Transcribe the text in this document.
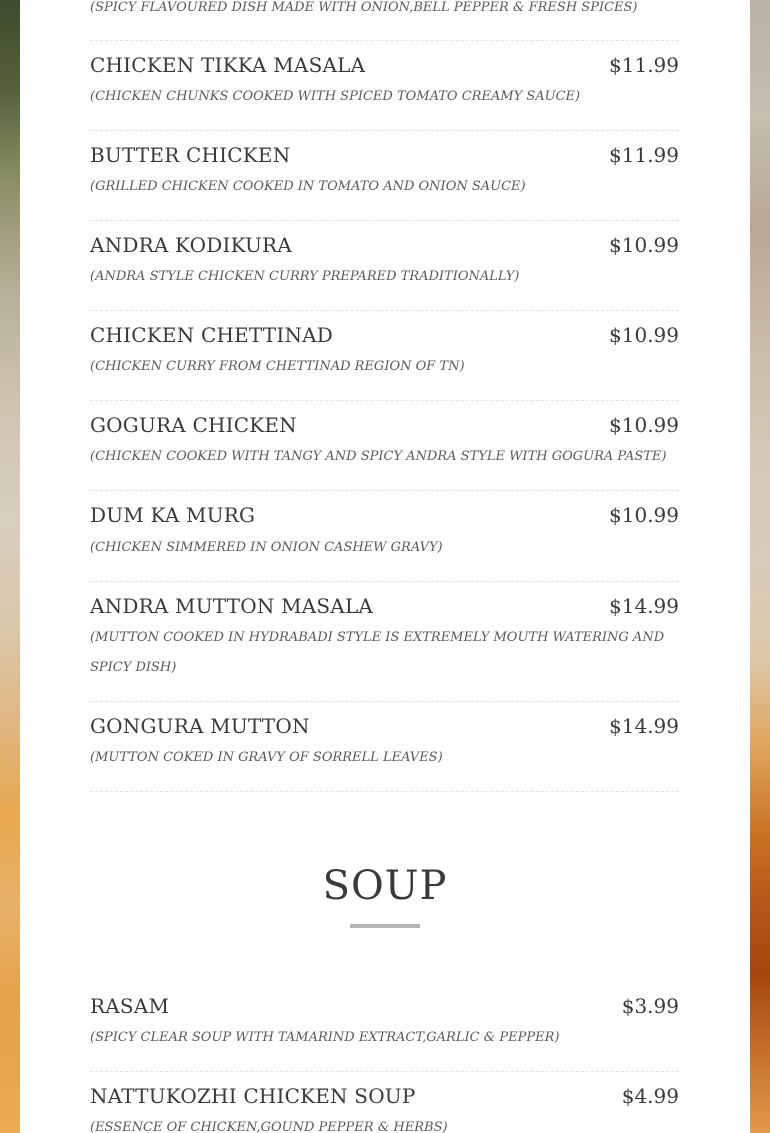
(SPICY FLAVOURED DISH MADE WITH ONION,BELL PEPPER & FRESH SPICES)
CHICKEN TIKKA MASALA	$11.99
(CHICKEN CHUNKS COOKED WITH SPICED TOMATO CREAMY SAUCE)
BUTTER CHICKEN	$11.99
(GRILLED CHICKEN COOKED IN TOMATO AND ONION SAUCE)
ANDRA KODIKURA	$10.99
(ANDRA STYLE CHICKEN CURRY PREPARED TRADITIONALLY)
CHICKEN CHETTINAD	$10.99
(CHICKEN CURRY FROM CHETTINAD REGION OF TN)
GOGURA CHICKEN	$10.99
(CHICKEN COOKED WITH TANGY AND SPICY ANDRA STYLE WITH GOGURA PASTE)
DUM KA MURG	$10.99
(CHICKEN SIMMERED IN ONION CASHEW GRAVY)
ANDRA MUTTON MASALA	$14.99
(MUTTON COOKED IN HYDRABADI STYLE IS EXTREMELY MOUTH WATERING AND SPICY DISH)
GONGURA MUTTON	$14.99
(MUTTON COKED IN GRAVY OF SORRELL LEAVES)
SOUP
RASAM	$3.99
(SPICY CLEAR SOUP WITH TAMARIND EXTRACT,GARLIC & PEPPER)
NATTUKOZHI CHICKEN SOUP	$4.99
(ESSENCE OF CHICKEN,GOUND PEPPER & HERBS)
